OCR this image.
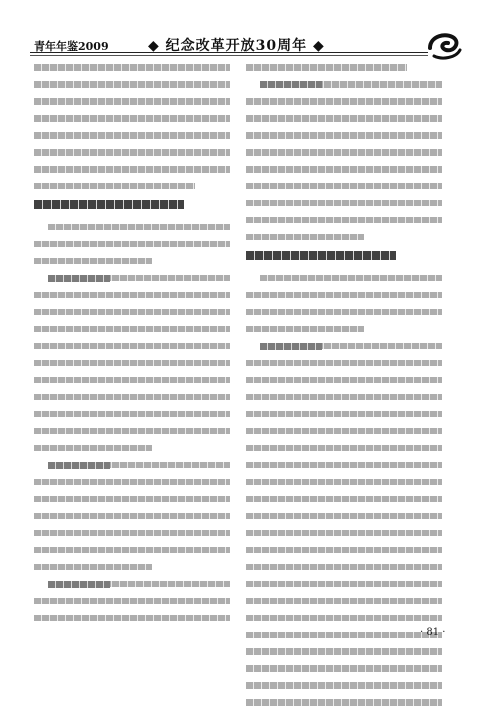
青年年鉴2009	◆ 纪念改革开放30周年 ◆
· 81 ·
